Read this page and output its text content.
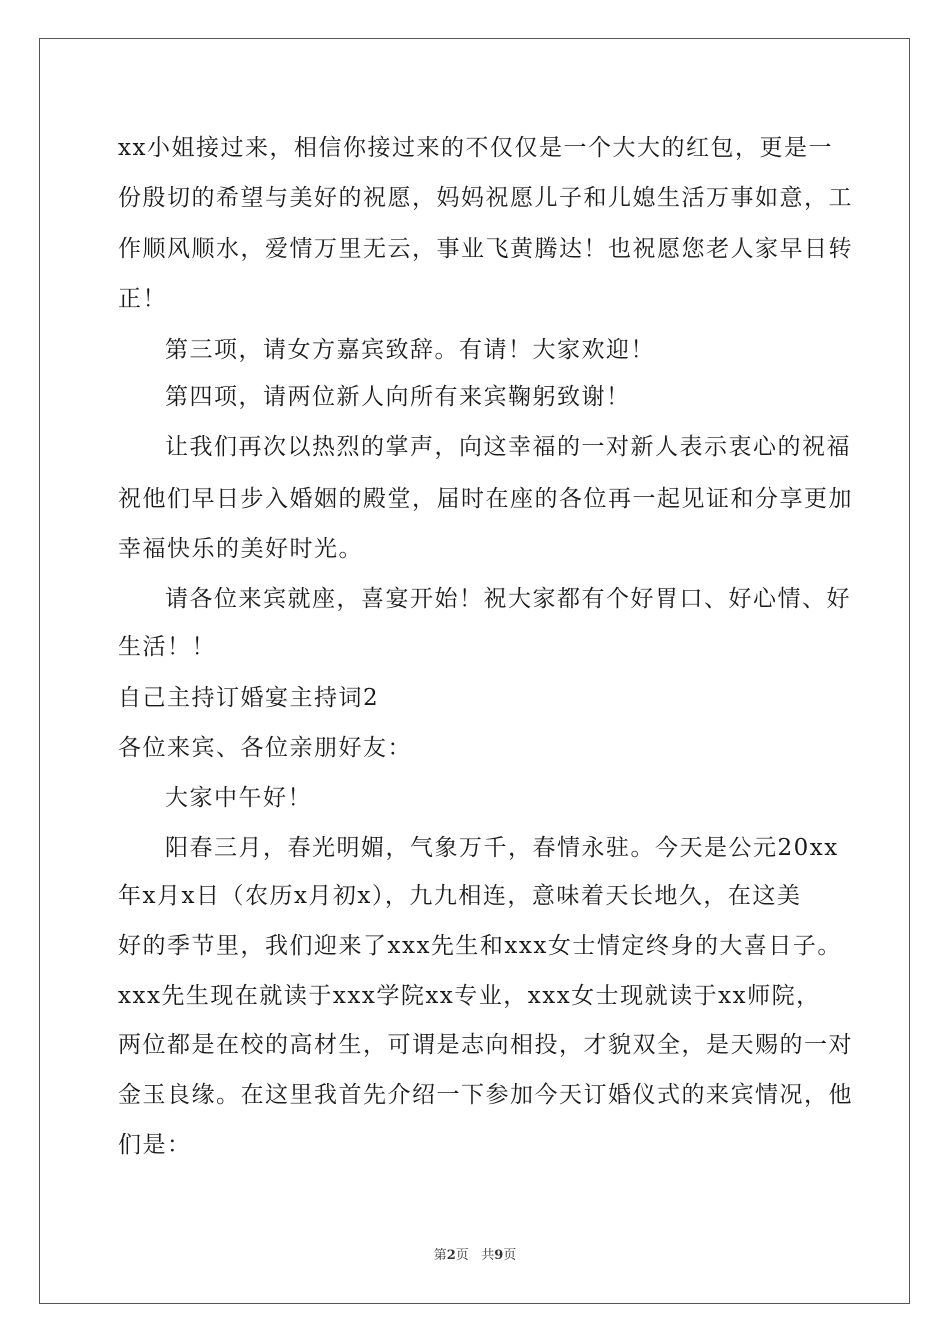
xx小姐接过来，相信你接过来的不仅仅是一个大大的红包，更是一
份殷切的希望与美好的祝愿，妈妈祝愿儿子和儿媳生活万事如意，工
作顺风顺水，爱情万里无云，事业飞黄腾达！也祝愿您老人家早日转
正！
第三项，请女方嘉宾致辞。有请！大家欢迎！
第四项，请两位新人向所有来宾鞠躬致谢！
让我们再次以热烈的掌声，向这幸福的一对新人表示衷心的祝福
祝他们早日步入婚姻的殿堂，届时在座的各位再一起见证和分享更加
幸福快乐的美好时光。
请各位来宾就座，喜宴开始！祝大家都有个好胃口、好心情、好
生活！！
自己主持订婚宴主持词2
各位来宾、各位亲朋好友：
大家中午好！
阳春三月，春光明媚，气象万千，春情永驻。今天是公元20xx
年x月x日（农历x月初x），九九相连，意味着天长地久，在这美
好的季节里，我们迎来了xxx先生和xxx女士情定终身的大喜日子。
xxx先生现在就读于xxx学院xx专业，xxx女士现就读于xx师院，
两位都是在校的高材生，可谓是志向相投，才貌双全，是天赐的一对
金玉良缘。在这里我首先介绍一下参加今天订婚仪式的来宾情况，他
们是：
第2页 共9页
